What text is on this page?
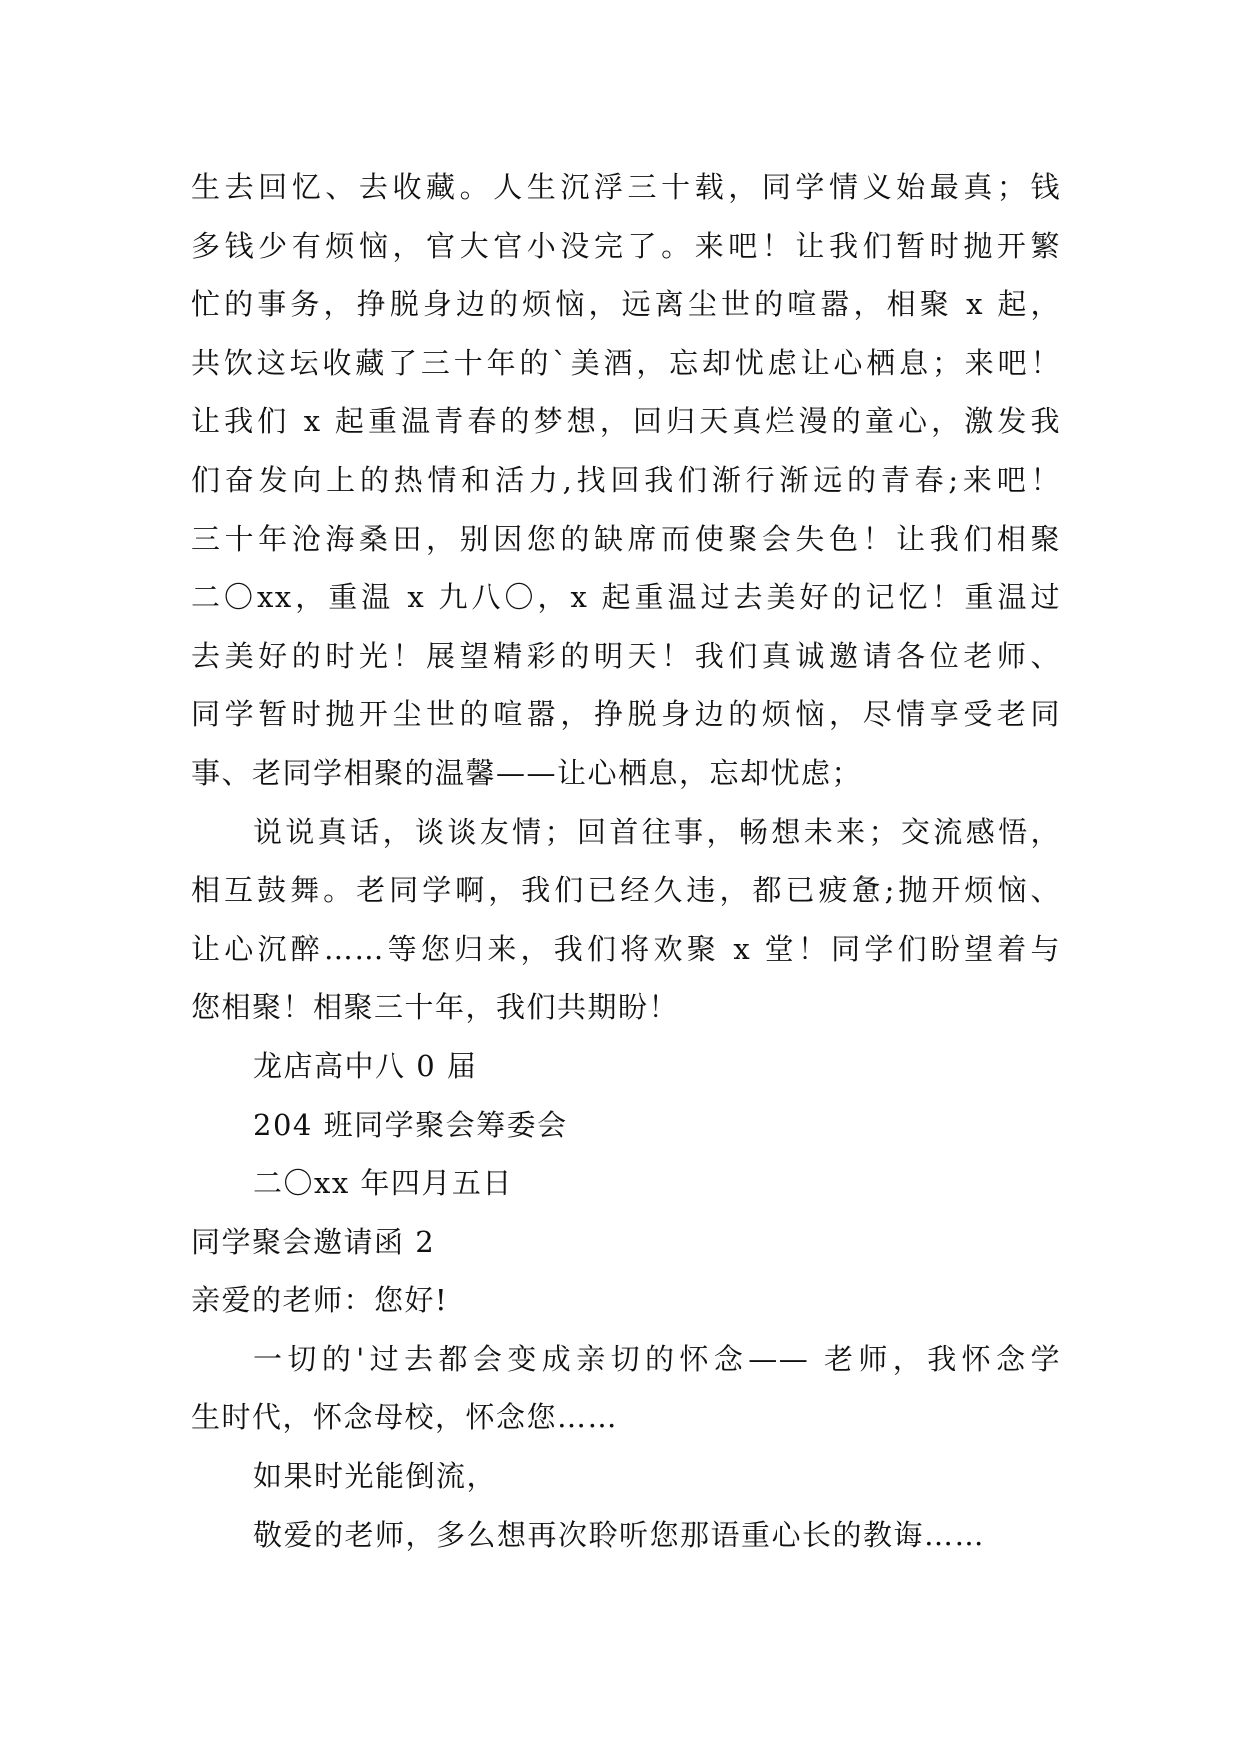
生去回忆、去收藏。人生沉浮三十载，同学情义始最真；钱
多钱少有烦恼，官大官小没完了。来吧！让我们暂时抛开繁
忙的事务，挣脱身边的烦恼，远离尘世的喧嚣，相聚 x 起，
共饮这坛收藏了三十年的`美酒，忘却忧虑让心栖息；来吧！
让我们 x 起重温青春的梦想，回归天真烂漫的童心，激发我
们奋发向上的热情和活力,找回我们渐行渐远的青春;来吧！
三十年沧海桑田，别因您的缺席而使聚会失色！让我们相聚
二〇xx，重温 x 九八〇，x 起重温过去美好的记忆！重温过
去美好的时光！展望精彩的明天！我们真诚邀请各位老师、
同学暂时抛开尘世的喧嚣，挣脱身边的烦恼，尽情享受老同
事、老同学相聚的温馨——让心栖息，忘却忧虑；
说说真话，谈谈友情；回首往事，畅想未来；交流感悟，
相互鼓舞。老同学啊，我们已经久违，都已疲惫;抛开烦恼、
让心沉醉……等您归来，我们将欢聚 x 堂！同学们盼望着与
您相聚！相聚三十年，我们共期盼！
龙店高中八 0 届
204 班同学聚会筹委会
二〇xx 年四月五日
同学聚会邀请函 2
亲爱的老师：您好!
一切的'过去都会变成亲切的怀念—— 老师，我怀念学
生时代，怀念母校，怀念您……
如果时光能倒流，
敬爱的老师，多么想再次聆听您那语重心长的教诲……
